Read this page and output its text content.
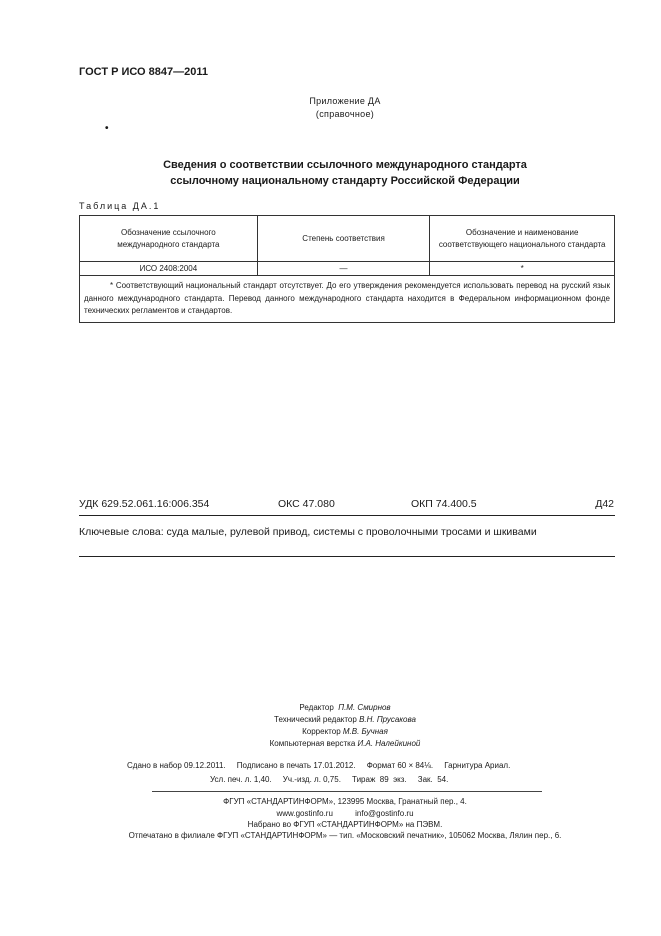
ГОСТ Р ИСО 8847—2011
Приложение ДА
(справочное)
•
Сведения о соответствии ссылочного международного стандарта
ссылочному национальному стандарту Российской Федерации
Таблица ДА.1
Обозначение ссылочного международного стандарта	Степень соответствия	Обозначение и наименование соответствующего национального стандарта
ИСО 2408:2004	—	*
* Соответствующий национальный стандарт отсутствует. До его утверждения рекомендуется использовать перевод на русский язык данного международного стандарта. Перевод данного международного стандарта находится в Федеральном информационном фонде технических регламентов и стандартов.		
УДК 629.52.061.16:006.354	ОКС 47.080	ОКП 74.400.5	Д42
Ключевые слова: суда малые, рулевой привод, системы с проволочными тросами и шкивами
Редактор П.М. Смирнов
Технический редактор В.Н. Прусакова
Корректор М.В. Бучная
Компьютерная верстка И.А. Налейкиной
Сдано в набор 09.12.2011.     Подписано в печать 17.01.2012.     Формат 60 × 84⅛.     Гарнитура Ариал.
Усл. печ. л. 1,40.     Уч.-изд. л. 0,75.     Тираж  89  экз.     Зак.  54.
ФГУП «СТАНДАРТИНФОРМ», 123995 Москва, Гранатный пер., 4.
www.gostinfo.ru	info@gostinfo.ru
Набрано во ФГУП «СТАНДАРТИНФОРМ» на ПЭВМ.
Отпечатано в филиале ФГУП «СТАНДАРТИНФОРМ» — тип. «Московский печатник», 105062 Москва, Лялин пер., 6.
